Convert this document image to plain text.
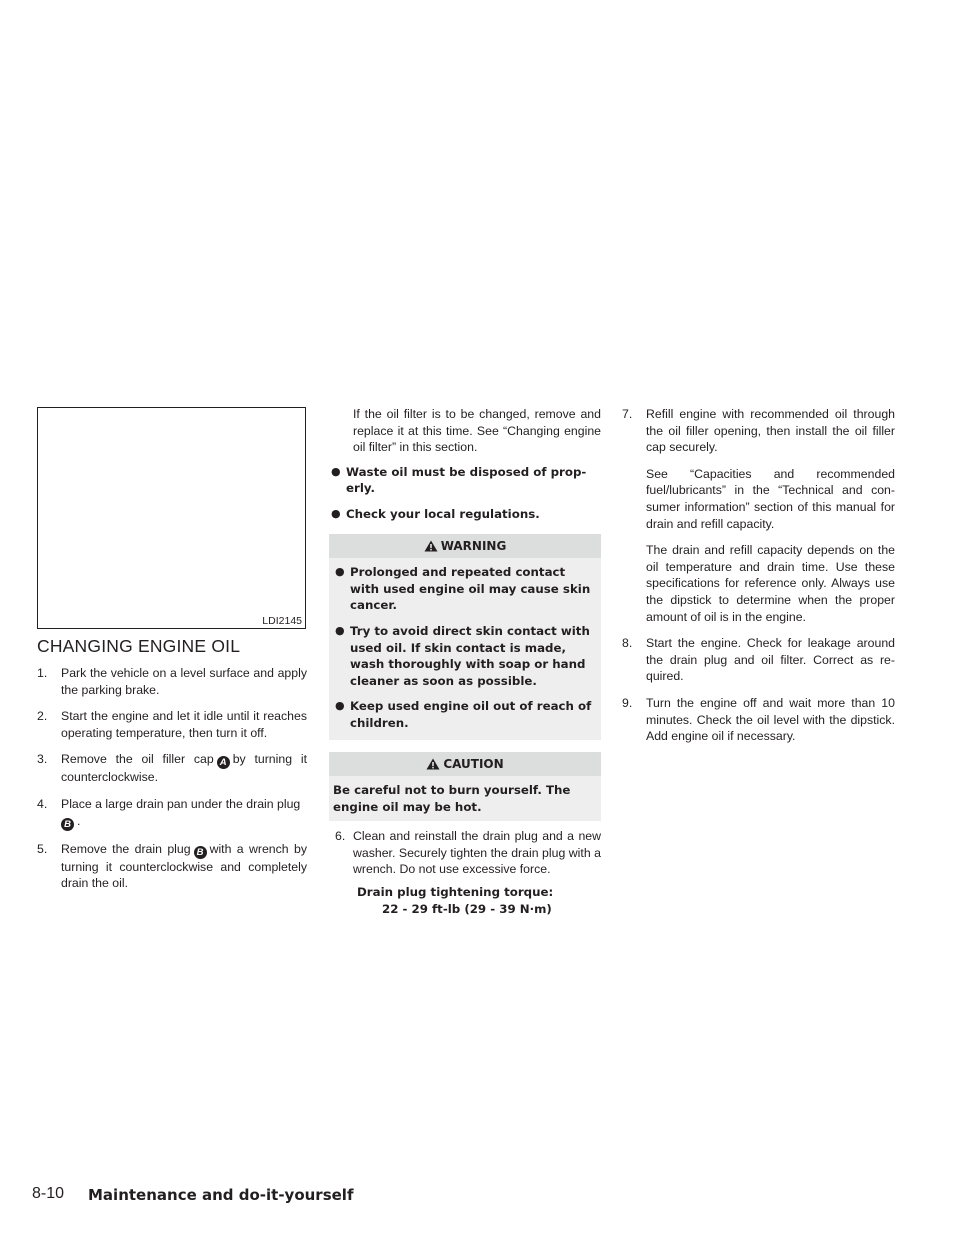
LDI2145
CHANGING ENGINE OIL
1. Park the vehicle on a level surface and apply the parking brake.
2. Start the engine and let it idle until it reaches operating temperature, then turn it off.
3. Remove the oil filler cap A by turning it counterclockwise.
4. Place a large drain pan under the drain plug
B .
5. Remove the drain plug B with a wrench by turning it counterclockwise and completely drain the oil.
If the oil filter is to be changed, remove and replace it at this time. See “Changing engine oil filter” in this section.
● Waste oil must be disposed of prop-erly.
● Check your local regulations.
WARNING
● Prolonged and repeated contact with used engine oil may cause skin cancer.
● Try to avoid direct skin contact with used oil. If skin contact is made, wash thoroughly with soap or hand cleaner as soon as possible.
● Keep used engine oil out of reach of children.
CAUTION
Be careful not to burn yourself. The engine oil may be hot.
6. Clean and reinstall the drain plug and a new washer. Securely tighten the drain plug with a wrench. Do not use excessive force.
Drain plug tightening torque:
22 - 29 ft-lb (29 - 39 N·m)
7. Refill engine with recommended oil through the oil filler opening, then install the oil filler cap securely.
See “Capacities and recommended fuel/lubricants” in the “Technical and con-sumer information” section of this manual for drain and refill capacity.
The drain and refill capacity depends on the oil temperature and drain time. Use these specifications for reference only. Always use the dipstick to determine when the proper amount of oil is in the engine.
8. Start the engine. Check for leakage around the drain plug and oil filter. Correct as re-quired.
9. Turn the engine off and wait more than 10 minutes. Check the oil level with the dipstick. Add engine oil if necessary.
8-10 Maintenance and do-it-yourself
